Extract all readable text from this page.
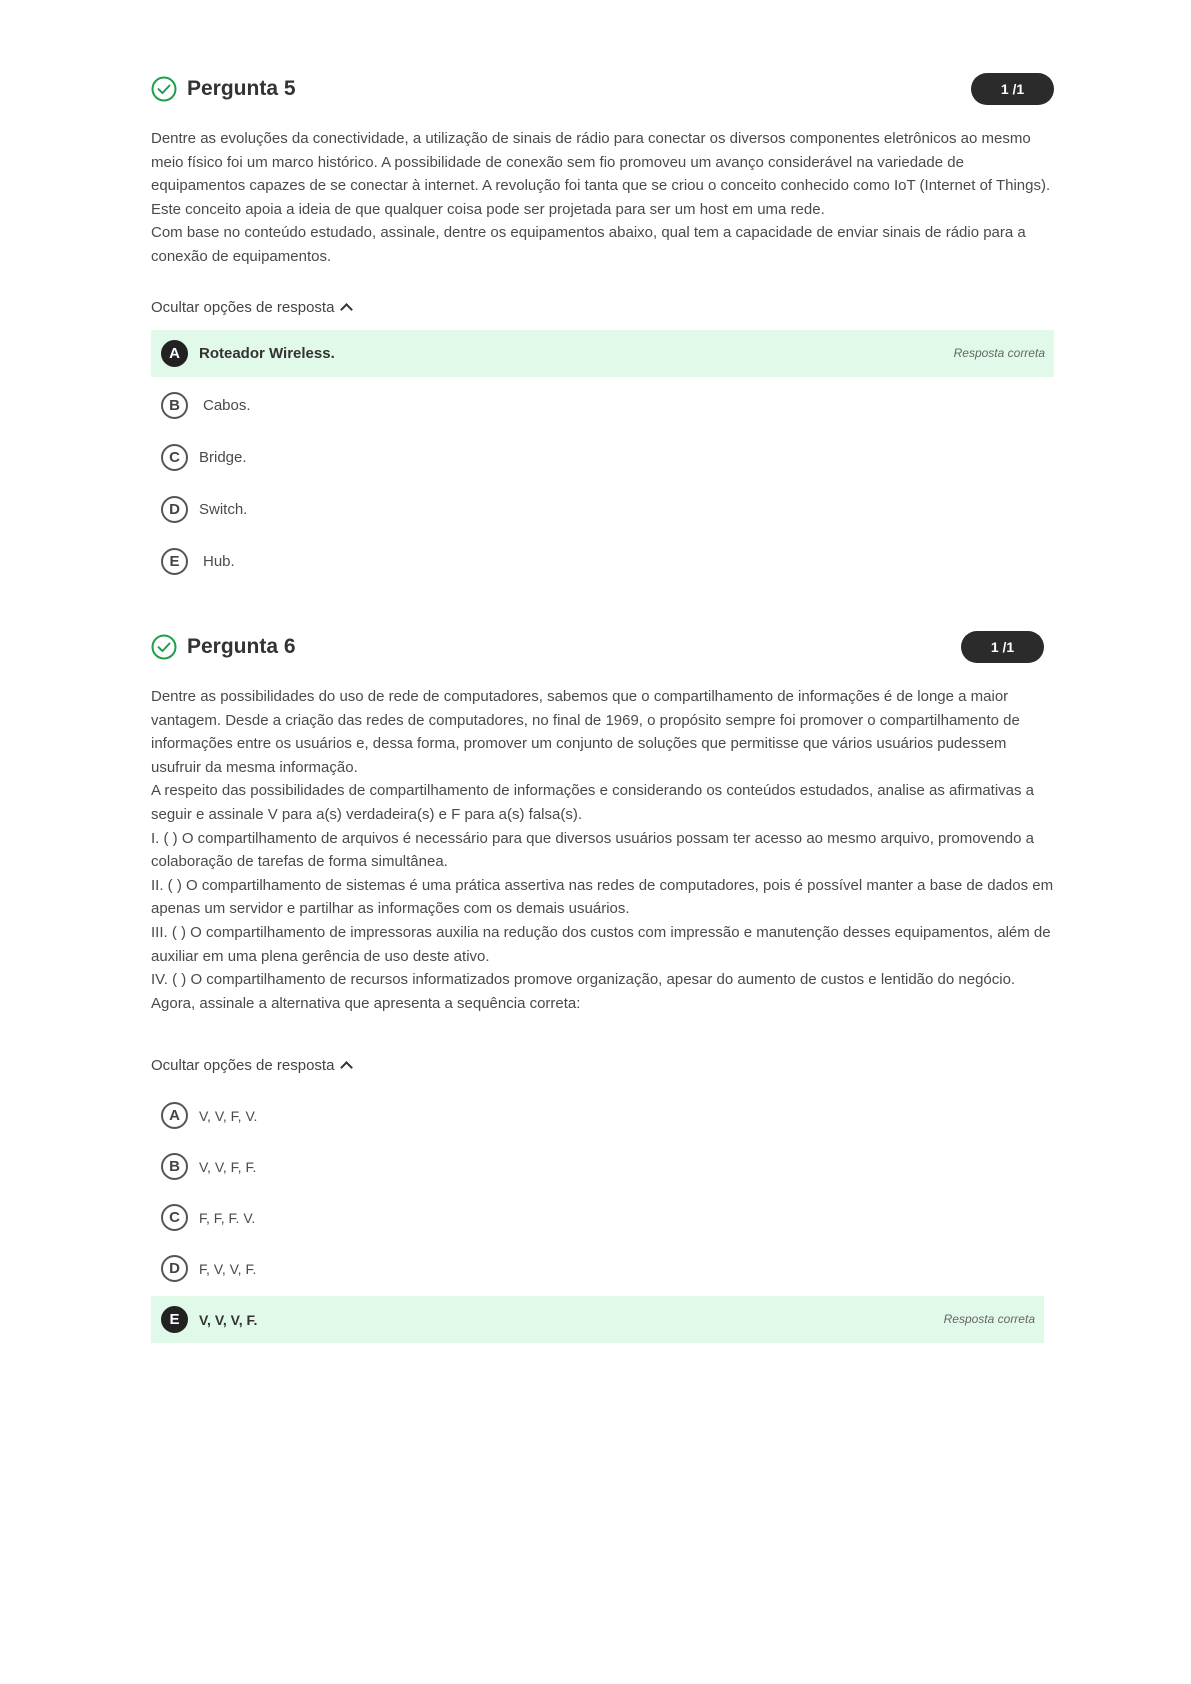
Pergunta 5	1 /1

Dentre as evoluções da conectividade, a utilização de sinais de rádio para conectar os diversos componentes eletrônicos ao mesmo meio físico foi um marco histórico. A possibilidade de conexão sem fio promoveu um avanço considerável na variedade de equipamentos capazes de se conectar à internet. A revolução foi tanta que se criou o conceito conhecido como IoT (Internet of Things). Este conceito apoia a ideia de que qualquer coisa pode ser projetada para ser um host em uma rede.

Com base no conteúdo estudado, assinale, dentre os equipamentos abaixo, qual tem a capacidade de enviar sinais de rádio para a conexão de equipamentos.

Ocultar opções de resposta
A	Roteador Wireless.	Resposta correta
B	Cabos.
C	Bridge.
D	Switch.
E	Hub.
Pergunta 6	1 /1

Dentre as possibilidades do uso de rede de computadores, sabemos que o compartilhamento de informações é de longe a maior vantagem. Desde a criação das redes de computadores, no final de 1969, o propósito sempre foi promover o compartilhamento de informações entre os usuários e, dessa forma, promover um conjunto de soluções que permitisse que vários usuários pudessem usufruir da mesma informação.

A respeito das possibilidades de compartilhamento de informações e considerando os conteúdos estudados, analise as afirmativas a seguir e assinale V para a(s) verdadeira(s) e F para a(s) falsa(s).

I. ( ) O compartilhamento de arquivos é necessário para que diversos usuários possam ter acesso ao mesmo arquivo, promovendo a colaboração de tarefas de forma simultânea.

II. ( ) O compartilhamento de sistemas é uma prática assertiva nas redes de computadores, pois é possível manter a base de dados em apenas um servidor e partilhar as informações com os demais usuários.

III. ( ) O compartilhamento de impressoras auxilia na redução dos custos com impressão e manutenção desses equipamentos, além de auxiliar em uma plena gerência de uso deste ativo.

IV. ( ) O compartilhamento de recursos informatizados promove organização, apesar do aumento de custos e lentidão do negócio.

Agora, assinale a alternativa que apresenta a sequência correta:

Ocultar opções de resposta
A	V, V, F, V.
B	V, V, F, F.
C	F, F, F. V.
D	F, V, V, F.
E	V, V, V, F.	Resposta correta
